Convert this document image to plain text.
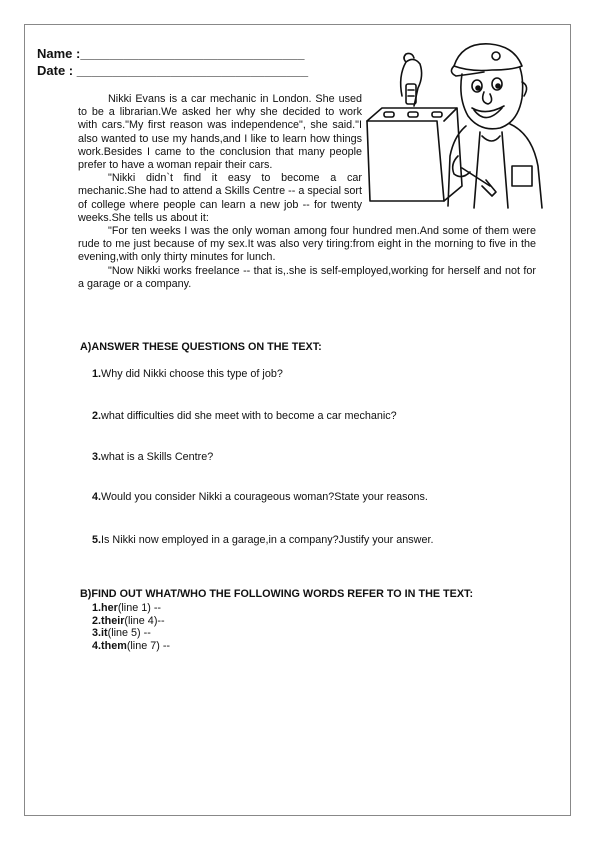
Name :_______________________________
Date : ________________________________

Nikki Evans is a car mechanic in London. She used to be a librarian.We asked her why she decided to work with cars."My first reason was independence", she said."I also wanted to use my hands,and I like to learn how things work.Besides I came to the conclusion that many people prefer to have a woman repair their cars.

"Nikki didn`t find it easy to become a car mechanic.She had to attend a Skills Centre -- a special sort of college where people can learn a new job -- for twenty weeks.She tells us about it:

"For ten weeks I was the only woman among four hundred men.And some of them were rude to me just because of my sex.It was also very tiring:from eight in the morning to five in the evening,with only thirty minutes for lunch.

"Now Nikki works freelance -- that is,.she is self-employed,working for herself and not for a garage or a company.

A)ANSWER THESE QUESTIONS ON THE TEXT:
1.Why did Nikki choose this type of job?
2.what difficulties did she meet with to become a car mechanic?
3.what is a Skills Centre?
4.Would you consider Nikki a courageous woman?State your reasons.
5.Is Nikki now employed in a garage,in a company?Justify your answer.
B)FIND OUT WHAT/WHO THE FOLLOWING WORDS REFER TO IN THE TEXT:
1.her(line 1) --
2.their(line 4)--
3.it(line 5) --
4.them(line 7) --
